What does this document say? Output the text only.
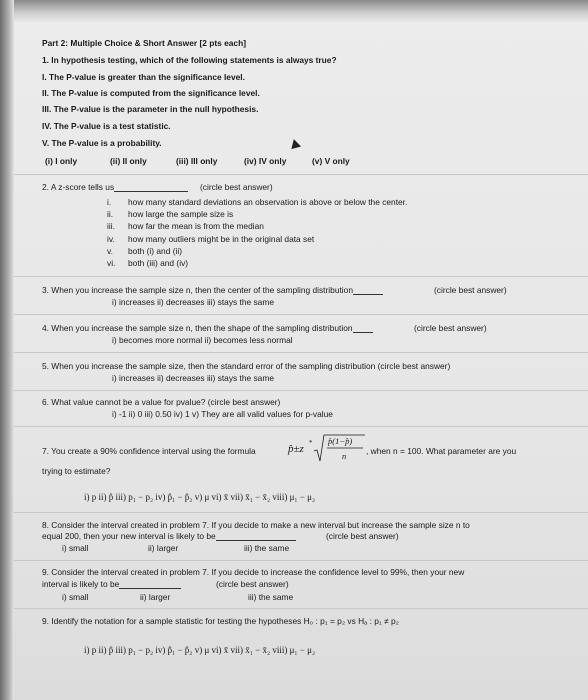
Part 2: Multiple Choice & Short Answer [2 pts each]
1. In hypothesis testing, which of the following statements is always true?
I. The P-value is greater than the significance level.
II. The P-value is computed from the significance level.
III. The P-value is the parameter in the null hypothesis.
IV. The P-value is a test statistic.
V. The P-value is a probability.
(i) I only	(ii) II only	(iii) III only	(iv) IV only	(v) V only
2. A z-score tells us	(circle best answer)
i. how many standard deviations an observation is above or below the center.
ii. how large the sample size is
iii. how far the mean is from the median
iv. how many outliers might be in the original data set
v. both (i) and (ii)
vi. both (iii) and (iv)
3. When you increase the sample size n, then the center of the sampling distribution	(circle best answer)
i) increases ii) decreases iii) stays the same
4. When you increase the sample size n, then the shape of the sampling distribution	(circle best answer)
i) becomes more normal ii) becomes less normal
5. When you increase the sample size, then the standard error of the sampling distribution (circle best answer)
i) increases ii) decreases iii) stays the same
6. What value cannot be a value for pvalue? (circle best answer)
i) -1 ii) 0 iii) 0.50 iv) 1 v) They are all valid values for p-value
7. You create a 90% confidence interval using the formula	p̂±z * p̂(1−p̂)
n , when n = 100. What parameter are you
trying to estimate?
i) p ii) p̂ iii) p₁ − p₂ iv) p̂₁ − p̂₂ v) μ vi) x̄ vii) x̄₁ − x̄₂ viii) μ₁ − μ₂
8. Consider the interval created in problem 7. If you decide to make a new interval but increase the sample size n to
equal 200, then your new interval is likely to be	(circle best answer)
i) small	ii) larger	iii) the same
9. Consider the interval created in problem 7. If you decide to increase the confidence level to 99%, then your new
interval is likely to be	(circle best answer)
i) small	ii) larger	iii) the same
9. Identify the notation for a sample statistic for testing the hypotheses H₀ : p₁ = p₂ vs Hₐ : p₁ ≠ p₂
i) p ii) p̂ iii) p₁ − p₂ iv) p̂₁ − p̂₂ v) μ vi) x̄ vii) x̄₁ − x̄₂ viii) μ₁ − μ₂
